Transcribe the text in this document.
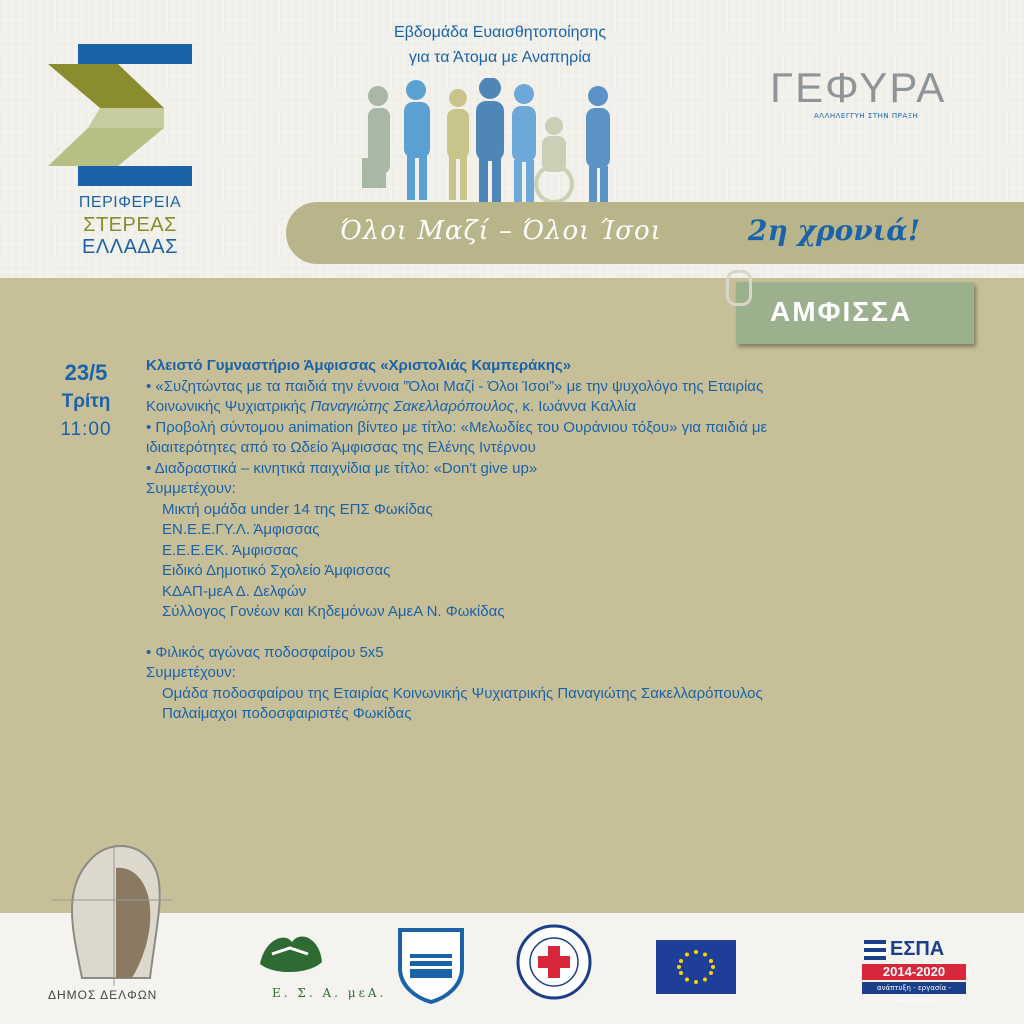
ΠΕΡΙΦΕΡΕΙΑ
ΣΤΕΡΕΑΣ
ΕΛΛΑΔΑΣ
Εβδομάδα Ευαισθητοποίησης
για τα Άτομα με Αναπηρία
ΓΕΦΥΡΑ
ΑΛΛΗΛΕΓΓΥΗ ΣΤΗΝ ΠΡΑΞΗ
Όλοι Μαζί – Όλοι Ίσοι	2η χρονιά!
ΑΜΦΙΣΣΑ
23/5
Τρίτη
11:00
Κλειστό Γυμναστήριο Άμφισσας «Χριστολιάς Καμπεράκης»
• «Συζητώντας με τα παιδιά την έννοια ‟Όλοι Μαζί - Όλοι Ίσοι”» με την ψυχολόγο της Εταιρίας
Κοινωνικής Ψυχιατρικής Παναγιώτης Σακελλαρόπουλος, κ. Ιωάννα Καλλία
• Προβολή σύντομου animation βίντεο με τίτλο: «Μελωδίες του Ουράνιου τόξου» για παιδιά με
ιδιαιτερότητες από το Ωδείο Άμφισσας της Ελένης Ιντέρνου
• Διαδραστικά – κινητικά παιχνίδια με τίτλο: «Don't give up»
Συμμετέχουν:
Μικτή ομάδα under 14 της ΕΠΣ Φωκίδας
ΕΝ.Ε.Ε.ΓΥ.Λ. Άμφισσας
Ε.Ε.Ε.ΕΚ. Άμφισσας
Ειδικό Δημοτικό Σχολείο Άμφισσας
ΚΔΑΠ-μεΑ Δ. Δελφών
Σύλλογος Γονέων και Κηδεμόνων ΑμεΑ Ν. Φωκίδας
• Φιλικός αγώνας ποδοσφαίρου 5x5
Συμμετέχουν:
Ομάδα ποδοσφαίρου της Εταιρίας Κοινωνικής Ψυχιατρικής Παναγιώτης Σακελλαρόπουλος
Παλαίμαχοι ποδοσφαιριστές Φωκίδας
ΔΗΜΟΣ ΔΕΛΦΩΝ	Ε. Σ. Α. μεΑ.
ΕΣΠΑ
2014-2020
ανάπτυξη - εργασία - αλληλεγγύη
